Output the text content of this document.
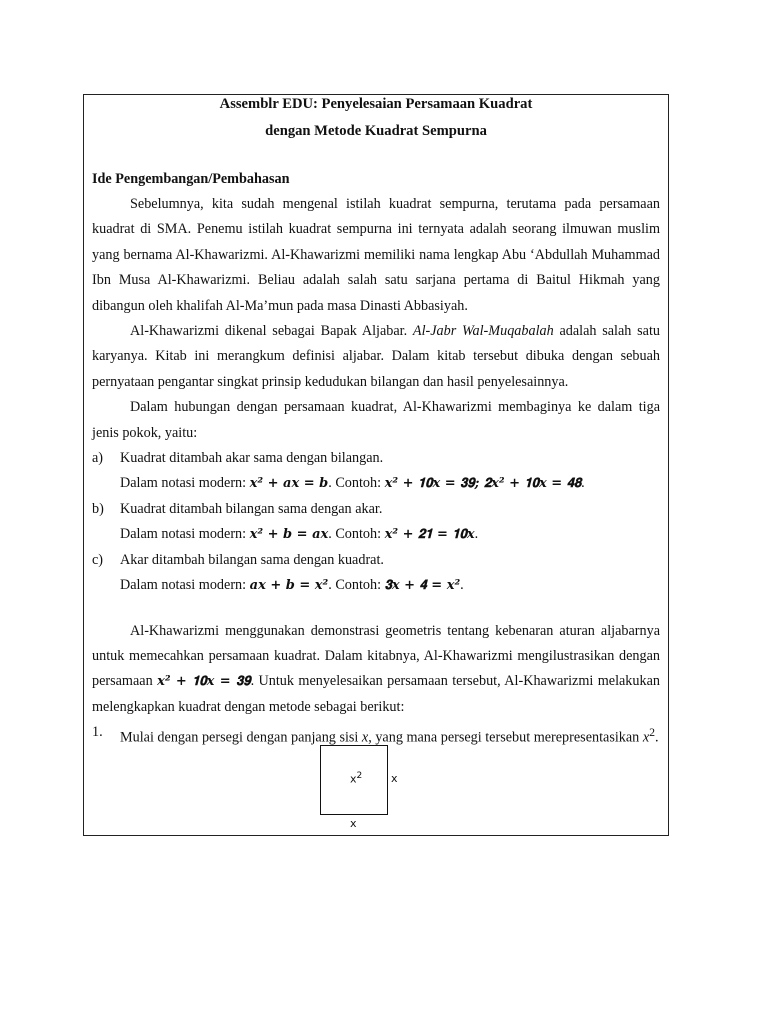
Assemblr EDU: Penyelesaian Persamaan Kuadrat

dengan Metode Kuadrat Sempurna

Ide Pengembangan/Pembahasan

Sebelumnya, kita sudah mengenal istilah kuadrat sempurna, terutama pada persamaan kuadrat di SMA. Penemu istilah kuadrat sempurna ini ternyata adalah seorang ilmuwan muslim yang bernama Al-Khawarizmi. Al-Khawarizmi memiliki nama lengkap Abu ‘Abdullah Muhammad Ibn Musa Al-Khawarizmi. Beliau adalah salah satu sarjana pertama di Baitul Hikmah yang dibangun oleh khalifah Al-Ma’mun pada masa Dinasti Abbasiyah.

Al-Khawarizmi dikenal sebagai Bapak Aljabar. Al-Jabr Wal-Muqabalah adalah salah satu karyanya. Kitab ini merangkum definisi aljabar. Dalam kitab tersebut dibuka dengan sebuah pernyataan pengantar singkat prinsip kedudukan bilangan dan hasil penyelesainnya.

Dalam hubungan dengan persamaan kuadrat, Al-Khawarizmi membaginya ke dalam tiga jenis pokok, yaitu:

a) Kuadrat ditambah akar sama dengan bilangan.
Dalam notasi modern: 𝒙² + 𝒂𝒙 = 𝒃. Contoh: 𝒙² + 𝟏𝟎𝒙 = 𝟑𝟗; 𝟐𝒙² + 𝟏𝟎𝒙 = 𝟒𝟖.
b) Kuadrat ditambah bilangan sama dengan akar.
Dalam notasi modern: 𝒙² + 𝒃 = 𝒂𝒙. Contoh: 𝒙² + 𝟐𝟏 = 𝟏𝟎𝒙.
c) Akar ditambah bilangan sama dengan kuadrat.
Dalam notasi modern: 𝒂𝒙 + 𝒃 = 𝒙². Contoh: 𝟑𝒙 + 𝟒 = 𝒙².

Al-Khawarizmi menggunakan demonstrasi geometris tentang kebenaran aturan aljabarnya untuk memecahkan persamaan kuadrat. Dalam kitabnya, Al-Khawarizmi mengilustrasikan dengan persamaan 𝒙² + 𝟏𝟎𝒙 = 𝟑𝟗. Untuk menyelesaikan persamaan tersebut, Al-Khawarizmi melakukan melengkapkan kuadrat dengan metode sebagai berikut:

1. Mulai dengan persegi dengan panjang sisi x, yang mana persegi tersebut merepresentasikan $x^2$.
$x^2$	x
x
